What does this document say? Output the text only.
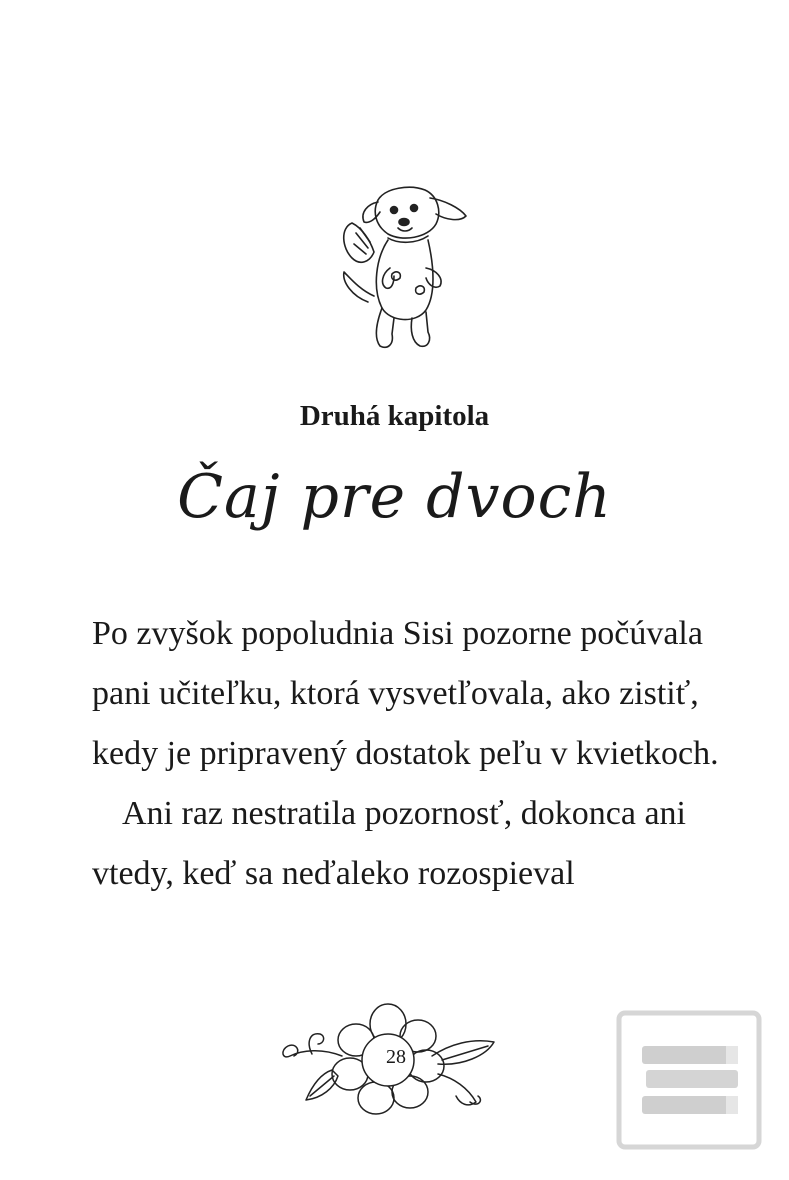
Druhá kapitola
Čaj pre dvoch

Po zvyšok popoludnia Sisi pozorne počúvala pani učiteľku, ktorá vysvetľovala, ako zistiť, kedy je pripravený dostatok peľu v kvietkoch.

Ani raz nestratila pozornosť, dokonca ani vtedy, keď sa neďaleko rozospieval

28
